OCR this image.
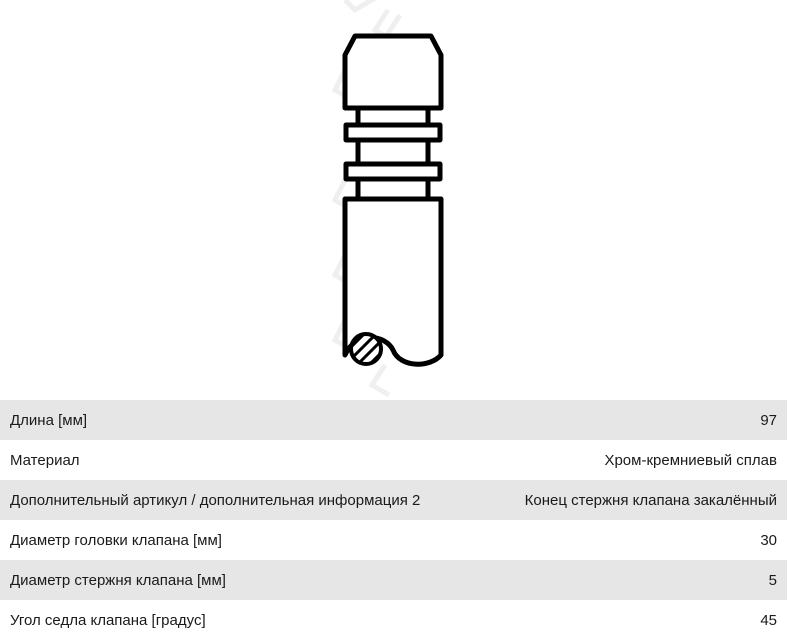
Длина [мм]	97
Материал	Хром-кремниевый сплав
Дополнительный артикул / дополнительная информация 2	Конец стержня клапана закалённый
Диаметр головки клапана [мм]	30
Диаметр стержня клапана [мм]	5
Угол седла клапана [градус]	45
